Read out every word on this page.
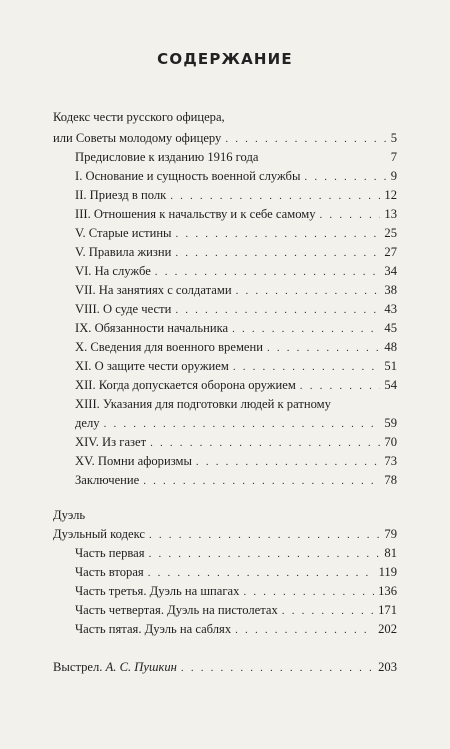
СОДЕРЖАНИЕ
Кодекс чести русского офицера,
или Советы молодому офицеру . . .	5
Предисловие к изданию 1916 года	7
I. Основание и сущность военной службы . . .	9
II. Приезд в полк . . .	12
III. Отношения к начальству и к себе самому . . .	13
V. Старые истины . . .	25
V. Правила жизни . . .	27
VI. На службе . . .	34
VII. На занятиях с солдатами . . .	38
VIII. О суде чести . . .	43
IX. Обязанности начальника . . .	45
X. Сведения для военного времени . . .	48
XI. О защите чести оружием . . .	51
XII. Когда допускается оборона оружием . . .	54
XIII. Указания для подготовки людей к ратному
делу . . .	59
XIV. Из газет . . .	70
XV. Помни афоризмы . . .	73
Заключение . . .	78
Дуэль
Дуэльный кодекс . . .	79
Часть первая . . .	81
Часть вторая . . .	119
Часть третья. Дуэль на шпагах . . .	136
Часть четвертая. Дуэль на пистолетах . . .	171
Часть пятая. Дуэль на саблях . . .	202
Выстрел. А. С. Пушкин . . .	203
